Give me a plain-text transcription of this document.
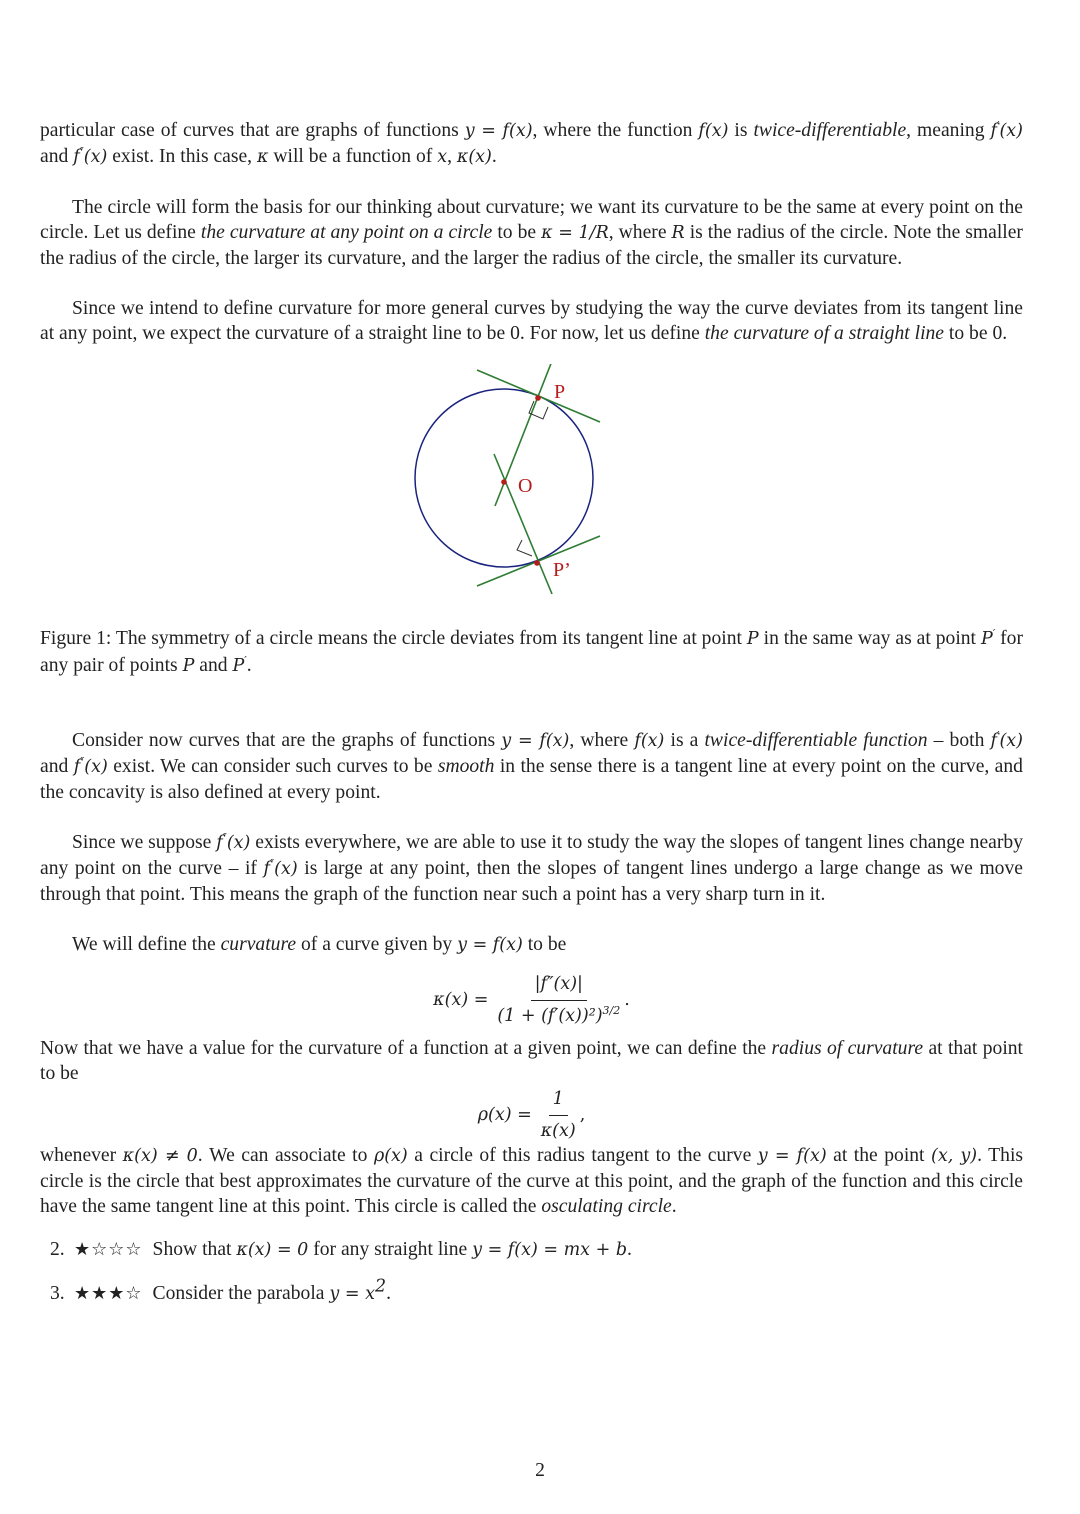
particular case of curves that are graphs of functions y = f(x), where the function f(x) is twice-differentiable, meaning f′(x) and f″(x) exist. In this case, κ will be a function of x, κ(x).

The circle will form the basis for our thinking about curvature; we want its curvature to be the same at every point on the circle. Let us define the curvature at any point on a circle to be κ = 1/R, where R is the radius of the circle. Note the smaller the radius of the circle, the larger its curvature, and the larger the radius of the circle, the smaller its curvature.

Since we intend to define curvature for more general curves by studying the way the curve deviates from its tangent line at any point, we expect the curvature of a straight line to be 0. For now, let us define the curvature of a straight line to be 0.

P
O
P’

Figure 1: The symmetry of a circle means the circle deviates from its tangent line at point P in the same way as at point P′ for any pair of points P and P′.

Consider now curves that are the graphs of functions y = f(x), where f(x) is a twice-differentiable function – both f′(x) and f″(x) exist. We can consider such curves to be smooth in the sense there is a tangent line at every point on the curve, and the concavity is also defined at every point.

Since we suppose f″(x) exists everywhere, we are able to use it to study the way the slopes of tangent lines change nearby any point on the curve – if f″(x) is large at any point, then the slopes of tangent lines undergo a large change as we move through that point. This means the graph of the function near such a point has a very sharp turn in it.

We will define the curvature of a curve given by y = f(x) to be

$\kappa(x) = \frac{|f''(x)|}{(1 + (f'(x))^2)^{3/2}}$ .

Now that we have a value for the curvature of a function at a given point, we can define the radius of curvature at that point to be

$\rho(x) = \frac{1}{\kappa(x)}$ ,

whenever κ(x) ≠ 0. We can associate to ρ(x) a circle of this radius tangent to the curve y = f(x) at the point (x, y). This circle is the circle that best approximates the curvature of the curve at this point, and the graph of the function and this circle have the same tangent line at this point. This circle is called the osculating circle.

2. ★☆☆☆ Show that κ(x) = 0 for any straight line y = f(x) = mx + b.
3. ★★★☆ Consider the parabola $y = x^2$.
2
